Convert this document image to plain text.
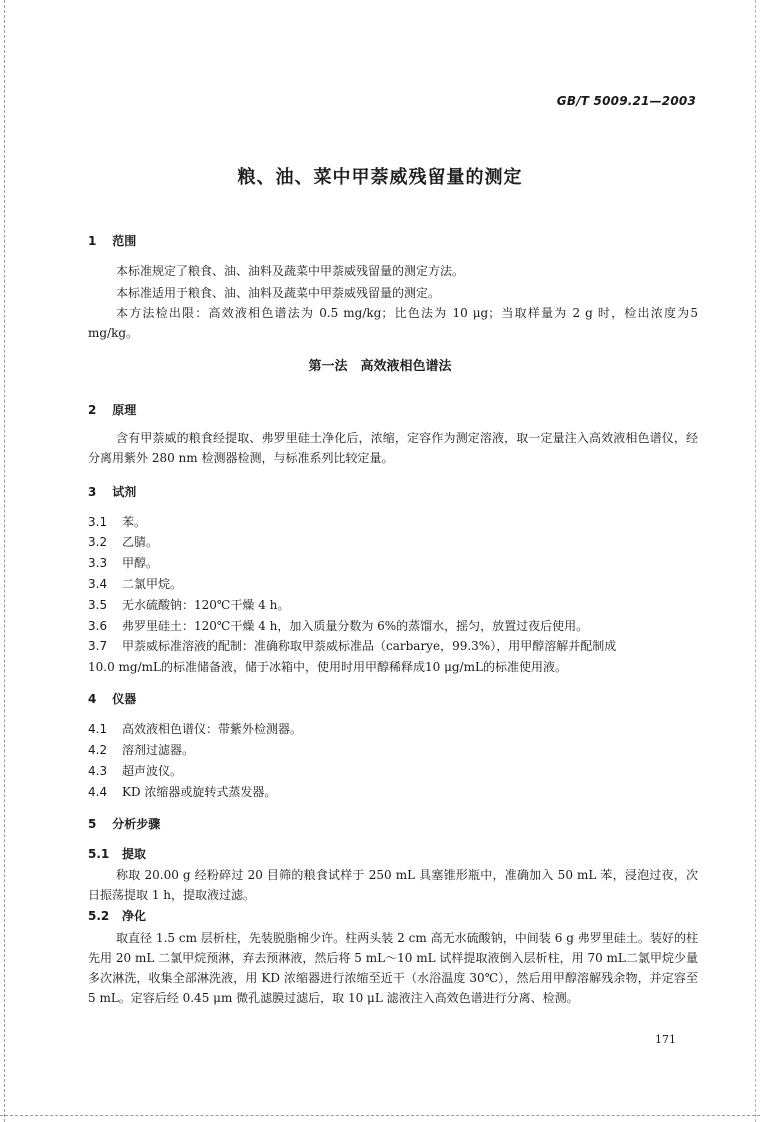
GB/T 5009.21—2003
粮、油、菜中甲萘威残留量的测定
1 范围
本标准规定了粮食、油、油料及蔬菜中甲萘威残留量的测定方法。
本标准适用于粮食、油、油料及蔬菜中甲萘威残留量的测定。
本方法检出限：高效液相色谱法为 0.5 mg/kg；比色法为 10 μg；当取样量为 2 g 时，检出浓度为5 mg/kg。
第一法　高效液相色谱法
2 原理
含有甲萘威的粮食经提取、弗罗里硅土净化后，浓缩，定容作为测定溶液，取一定量注入高效液相色谱仪，经分离用紫外 280 nm 检测器检测，与标准系列比较定量。
3 试剂
3.1 苯。
3.2 乙腈。
3.3 甲醇。
3.4 二氯甲烷。
3.5 无水硫酸钠：120℃干燥 4 h。
3.6 弗罗里硅土：120℃干燥 4 h，加入质量分数为 6%的蒸馏水，摇匀，放置过夜后使用。
3.7 甲萘威标准溶液的配制：准确称取甲萘威标准品（carbarye，99.3%），用甲醇溶解并配制成
10.0 mg/mL的标准储备液，储于冰箱中，使用时用甲醇稀释成10 μg/mL的标准使用液。
4 仪器
4.1 高效液相色谱仪：带紫外检测器。
4.2 溶剂过滤器。
4.3 超声波仪。
4.4 KD 浓缩器或旋转式蒸发器。
5 分析步骤
5.1 提取
称取 20.00 g 经粉碎过 20 目筛的粮食试样于 250 mL 具塞锥形瓶中，准确加入 50 mL 苯，浸泡过夜，次日振荡提取 1 h，提取液过滤。
5.2 净化
取直径 1.5 cm 层析柱，先装脱脂棉少许。柱两头装 2 cm 高无水硫酸钠，中间装 6 g 弗罗里硅土。装好的柱先用 20 mL 二氯甲烷预淋，弃去预淋液，然后将 5 mL～10 mL 试样提取液倒入层析柱，用 70 mL二氯甲烷少量多次淋洗，收集全部淋洗液，用 KD 浓缩器进行浓缩至近干（水浴温度 30℃），然后用甲醇溶解残余物，并定容至 5 mL。定容后经 0.45 μm 微孔滤膜过滤后，取 10 μL 滤液注入高效色谱进行分离、检测。
171
